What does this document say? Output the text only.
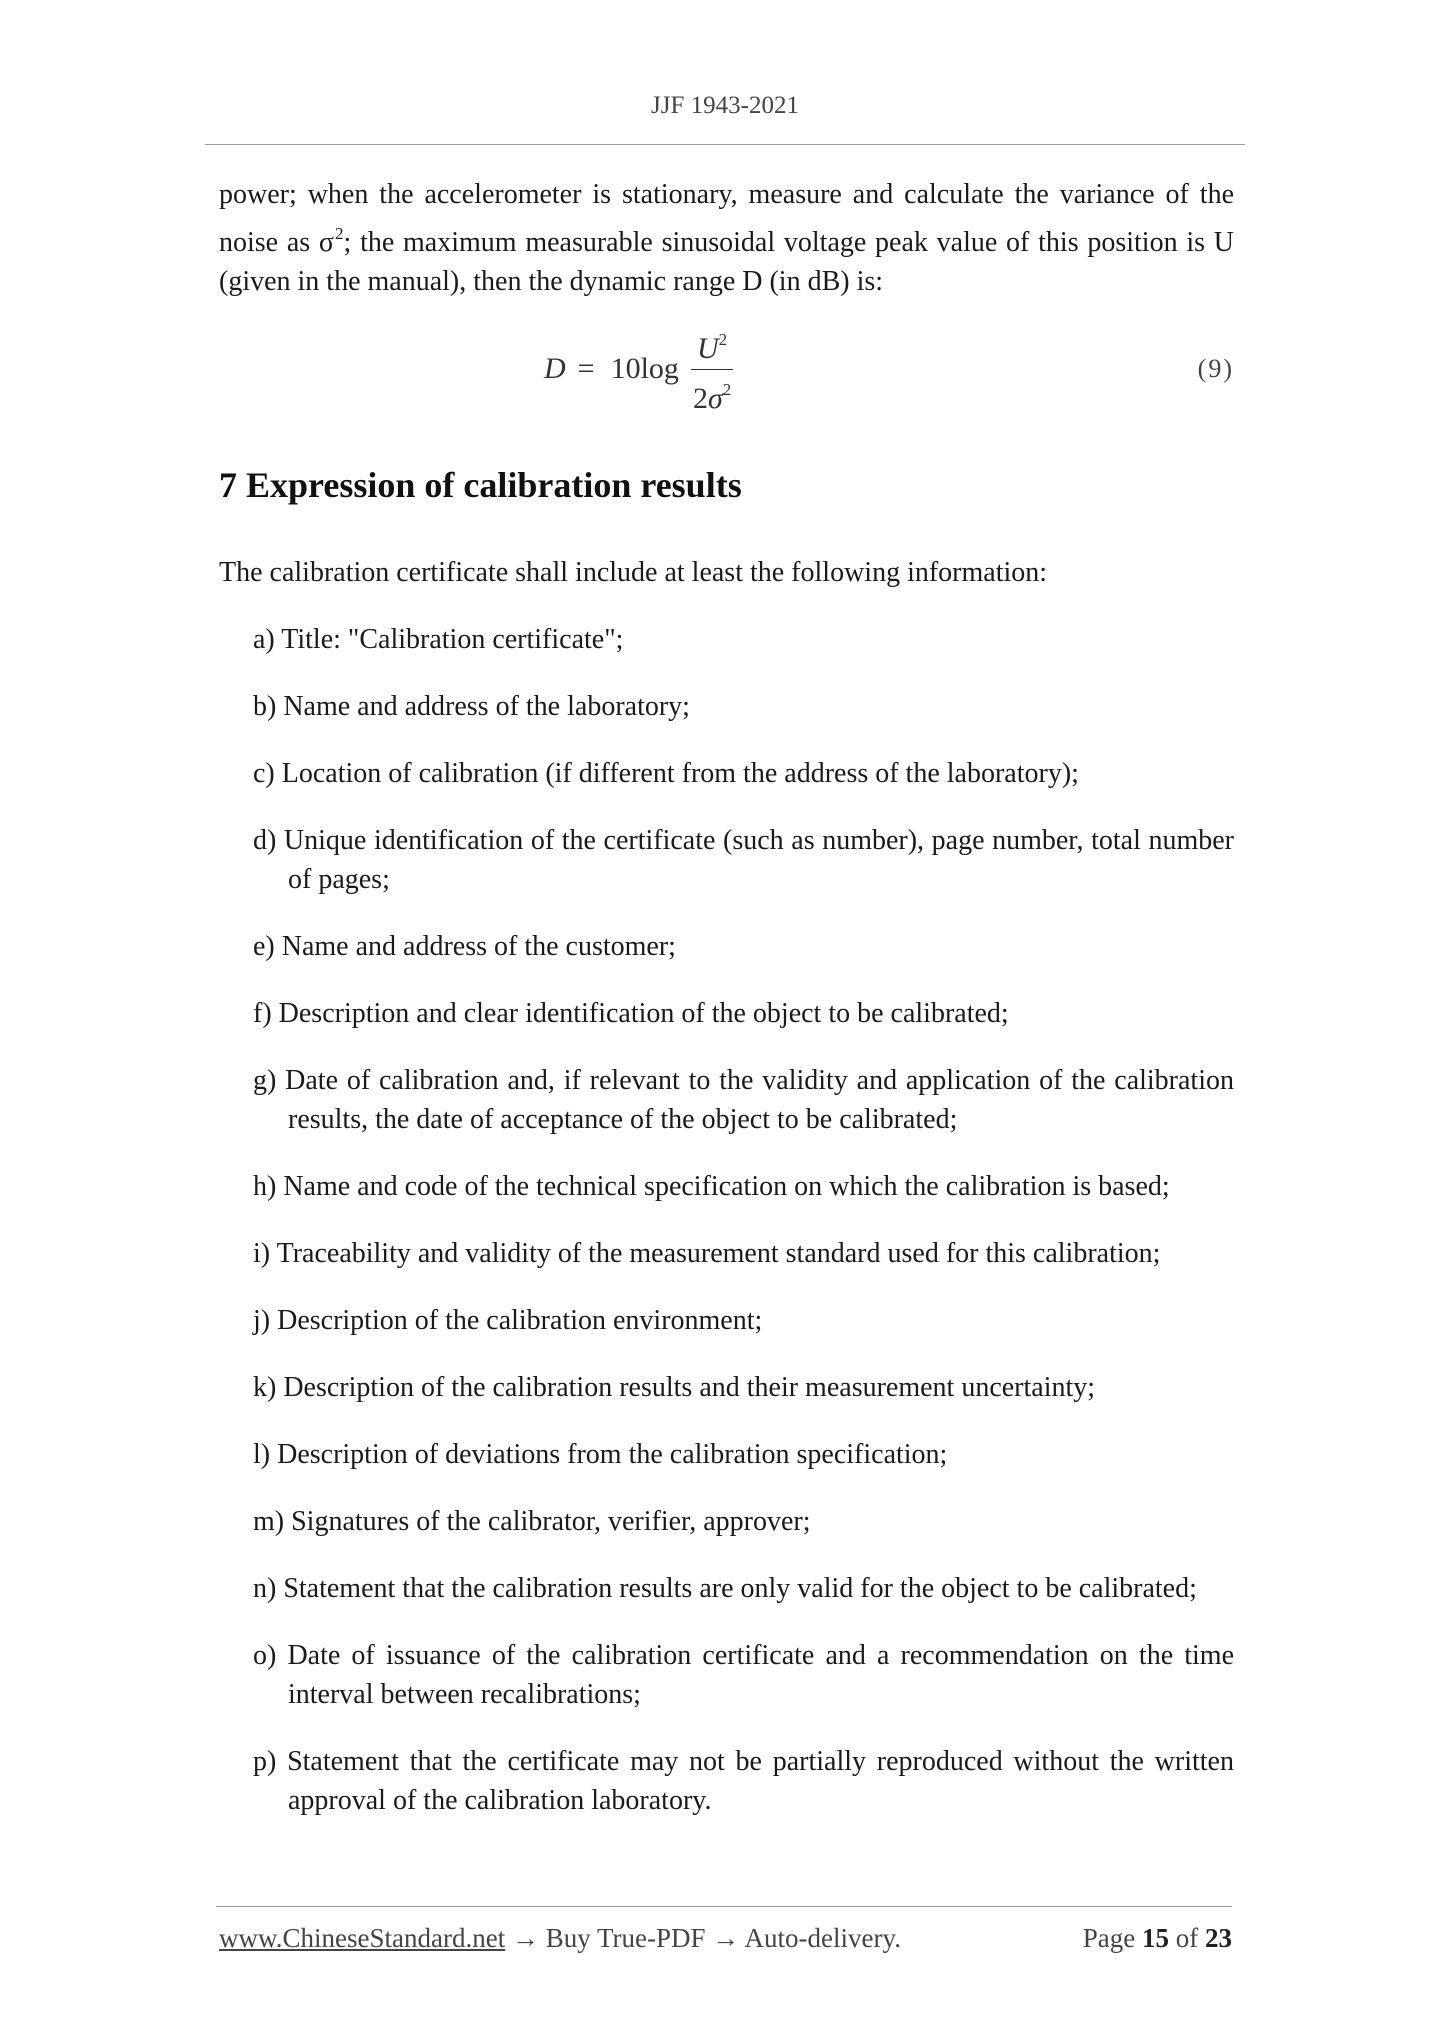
JJF 1943-2021

power; when the accelerometer is stationary, measure and calculate the variance of the noise as $\sigma^2$; the maximum measurable sinusoidal voltage peak value of this position is U (given in the manual), then the dynamic range D (in dB) is:

$D = 10\log \frac{U^2}{2\sigma^2}$	(9)
7 Expression of calibration results

The calibration certificate shall include at least the following information:

a) Title: "Calibration certificate";
b) Name and address of the laboratory;
c) Location of calibration (if different from the address of the laboratory);
d) Unique identification of the certificate (such as number), page number, total number of pages;
e) Name and address of the customer;
f) Description and clear identification of the object to be calibrated;
g) Date of calibration and, if relevant to the validity and application of the calibration results, the date of acceptance of the object to be calibrated;
h) Name and code of the technical specification on which the calibration is based;
i) Traceability and validity of the measurement standard used for this calibration;
j) Description of the calibration environment;
k) Description of the calibration results and their measurement uncertainty;
l) Description of deviations from the calibration specification;
m) Signatures of the calibrator, verifier, approver;
n) Statement that the calibration results are only valid for the object to be calibrated;
o) Date of issuance of the calibration certificate and a recommendation on the time interval between recalibrations;
p) Statement that the certificate may not be partially reproduced without the written approval of the calibration laboratory.
www.ChineseStandard.net → Buy True-PDF → Auto-delivery.	Page 15 of 23
